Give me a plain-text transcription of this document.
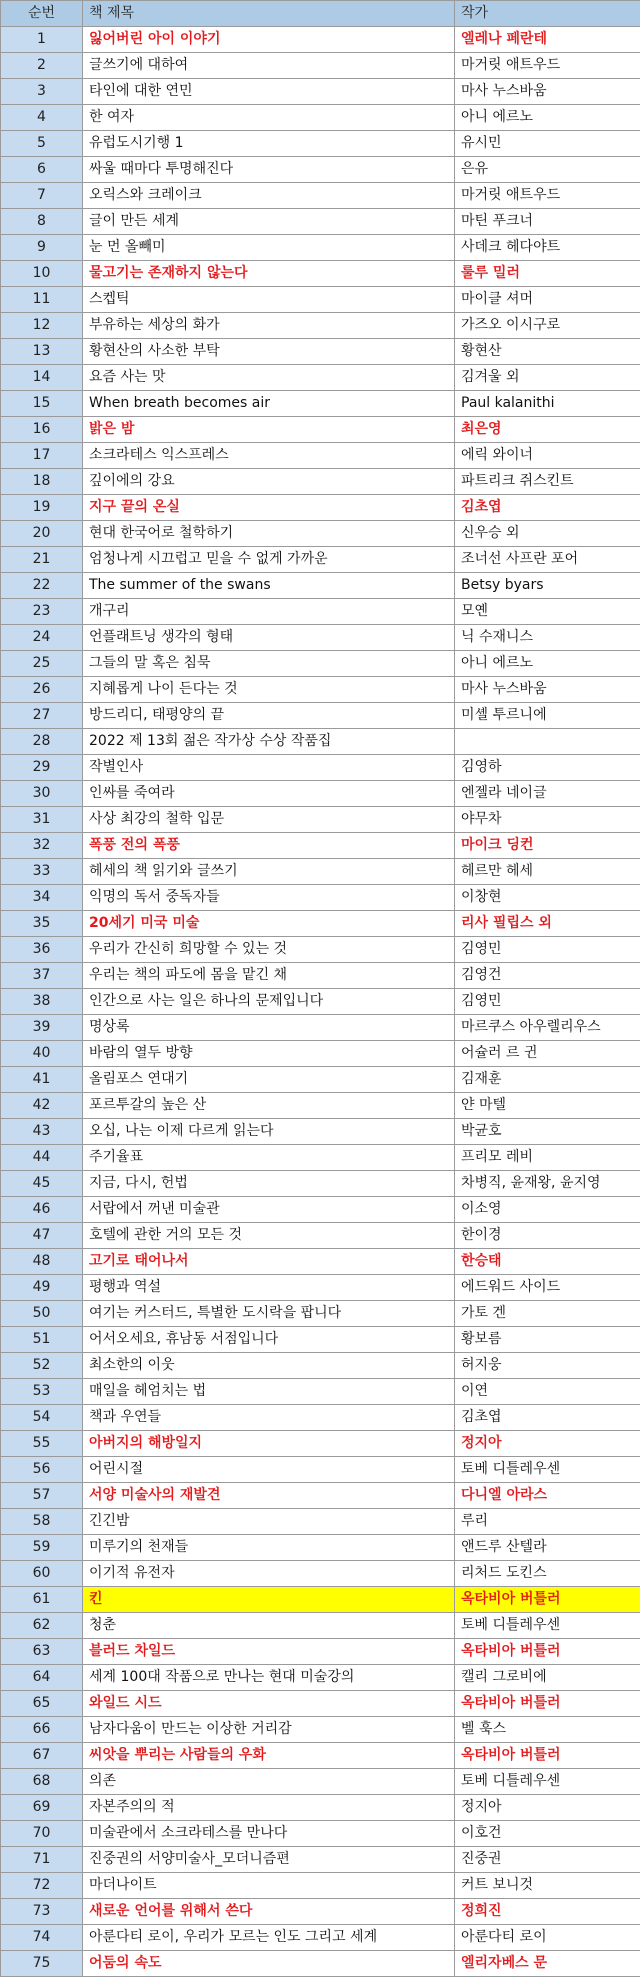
순번	책 제목	작가
1	잃어버린 아이 이야기	엘레나 페란테
2	글쓰기에 대하여	마거릿 애트우드
3	타인에 대한 연민	마사 누스바움
4	한 여자	아니 에르노
5	유럽도시기행 1	유시민
6	싸울 때마다 투명해진다	은유
7	오릭스와 크레이크	마거릿 애트우드
8	글이 만든 세계	마틴 푸크너
9	눈 먼 올빼미	사데크 헤다야트
10	물고기는 존재하지 않는다	룰루 밀러
11	스켑틱	마이클 셔머
12	부유하는 세상의 화가	가즈오 이시구로
13	황현산의 사소한 부탁	황현산
14	요즘 사는 맛	김겨울 외
15	When breath becomes air	Paul kalanithi
16	밝은 밤	최은영
17	소크라테스 익스프레스	에릭 와이너
18	깊이에의 강요	파트리크 쥐스킨트
19	지구 끝의 온실	김초엽
20	현대 한국어로 철학하기	신우승 외
21	엄청나게 시끄럽고 믿을 수 없게 가까운	조너선 사프란 포어
22	The summer of the swans	Betsy byars
23	개구리	모옌
24	언플래트닝 생각의 형태	닉 수재니스
25	그들의 말 혹은 침묵	아니 에르노
26	지혜롭게 나이 든다는 것	마사 누스바움
27	방드리디, 태평양의 끝	미셸 투르니에
28	2022 제 13회 젊은 작가상 수상 작품집	
29	작별인사	김영하
30	인싸를 죽여라	엔젤라 네이글
31	사상 최강의 철학 입문	야무차
32	폭풍 전의 폭풍	마이크 딩컨
33	헤세의 책 읽기와 글쓰기	헤르만 헤세
34	익명의 독서 중독자들	이창현
35	20세기 미국 미술	리사 필립스 외
36	우리가 간신히 희망할 수 있는 것	김영민
37	우리는 책의 파도에 몸을 맡긴 채	김영건
38	인간으로 사는 일은 하나의 문제입니다	김영민
39	명상록	마르쿠스 아우렐리우스
40	바람의 열두 방향	어슐러 르 귄
41	올림포스 연대기	김재훈
42	포르투갈의 높은 산	얀 마텔
43	오십, 나는 이제 다르게 읽는다	박균호
44	주기율표	프리모 레비
45	지금, 다시, 헌법	차병직, 윤재왕, 윤지영
46	서랍에서 꺼낸 미술관	이소영
47	호텔에 관한 거의 모든 것	한이경
48	고기로 태어나서	한승태
49	평행과 역설	에드워드 사이드
50	여기는 커스터드, 특별한 도시락을 팝니다	가토 겐
51	어서오세요, 휴남동 서점입니다	황보름
52	최소한의 이웃	허지웅
53	매일을 헤엄치는 법	이연
54	책과 우연들	김초엽
55	아버지의 해방일지	정지아
56	어린시절	토베 디틀레우센
57	서양 미술사의 재발견	다니엘 아라스
58	긴긴밤	루리
59	미루기의 천재들	앤드루 산텔라
60	이기적 유전자	리처드 도킨스
61	킨	옥타비아 버틀러
62	청춘	토베 디틀레우센
63	블러드 차일드	옥타비아 버틀러
64	세계 100대 작품으로 만나는 현대 미술강의	캘리 그로비에
65	와일드 시드	옥타비아 버틀러
66	남자다움이 만드는 이상한 거리감	벨 훅스
67	씨앗을 뿌리는 사람들의 우화	옥타비아 버틀러
68	의존	토베 디틀레우센
69	자본주의의 적	정지아
70	미술관에서 소크라테스를 만나다	이호건
71	진중권의 서양미술사_모더니즘편	진중권
72	마더나이트	커트 보니것
73	새로운 언어를 위해서 쓴다	정희진
74	아룬다티 로이, 우리가 모르는 인도 그리고 세계	아룬다티 로이
75	어둠의 속도	엘리자베스 문
